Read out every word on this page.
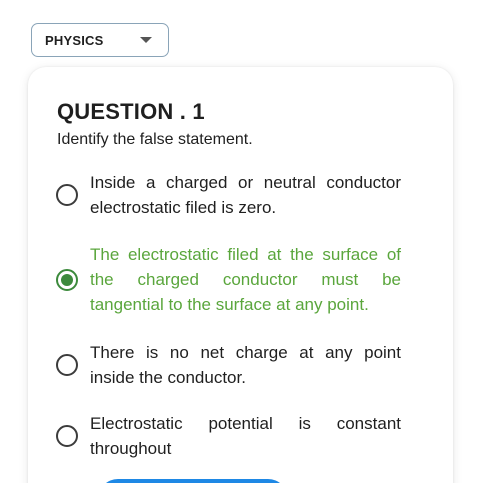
PHYSICS
QUESTION . 1

Identify the false statement.

Inside a charged or neutral conductor electrostatic filed is zero.
The electrostatic filed at the surface of the charged conductor must be tangential to the surface at any point.
There is no net charge at any point inside the conductor.
Electrostatic potential is constant throughout
